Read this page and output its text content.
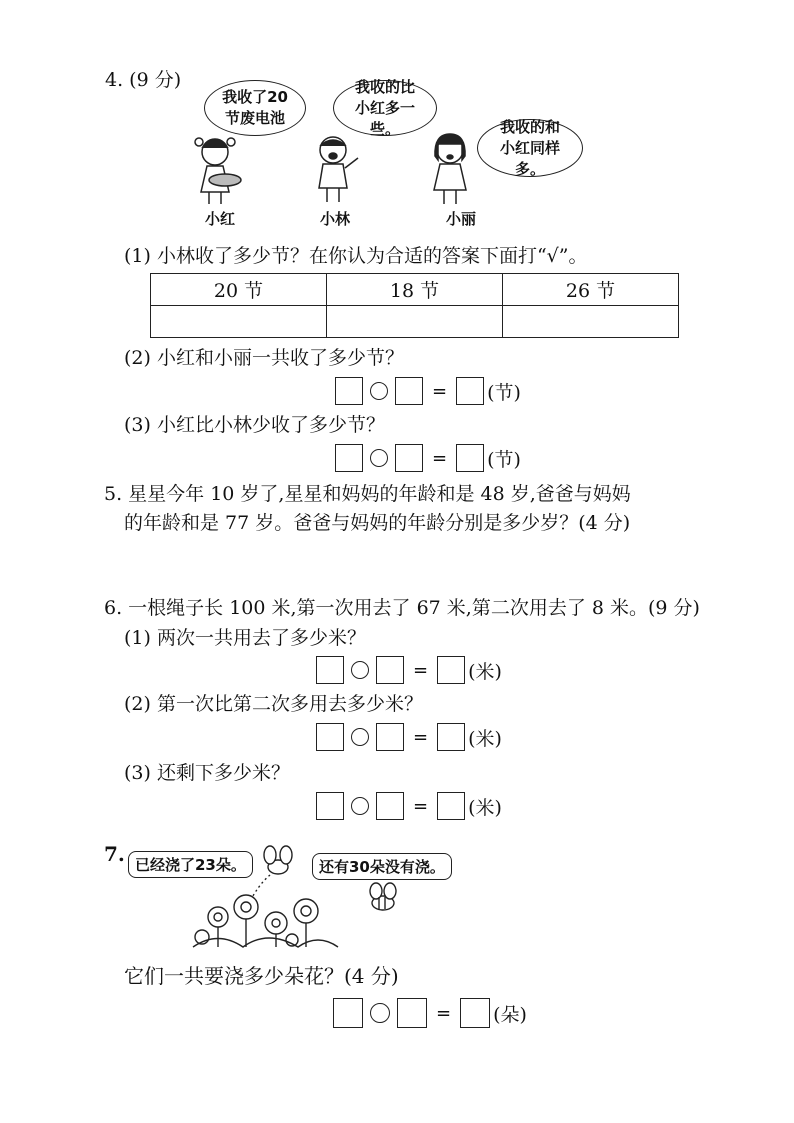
4. (9 分)
我收了20节废电池
我收的比小红多一些。	我收的和小红同样多。
小红	小林	小丽
(1) 小林收了多少节？在你认为合适的答案下面打“√”。
20 节	18 节	26 节

(2) 小红和小丽一共收了多少节？
= (节)
(3) 小红比小林少收了多少节？
= (节)
5. 星星今年 10 岁了,星星和妈妈的年龄和是 48 岁,爸爸与妈妈
的年龄和是 77 岁。爸爸与妈妈的年龄分别是多少岁？(4 分)
6. 一根绳子长 100 米,第一次用去了 67 米,第二次用去了 8 米。(9 分)
(1) 两次一共用去了多少米？
= (米)
(2) 第一次比第二次多用去多少米？
= (米)
(3) 还剩下多少米？
= (米)
7. 已经浇了23朵。	还有30朵没有浇。
它们一共要浇多少朵花？(4 分)
= (朵)
